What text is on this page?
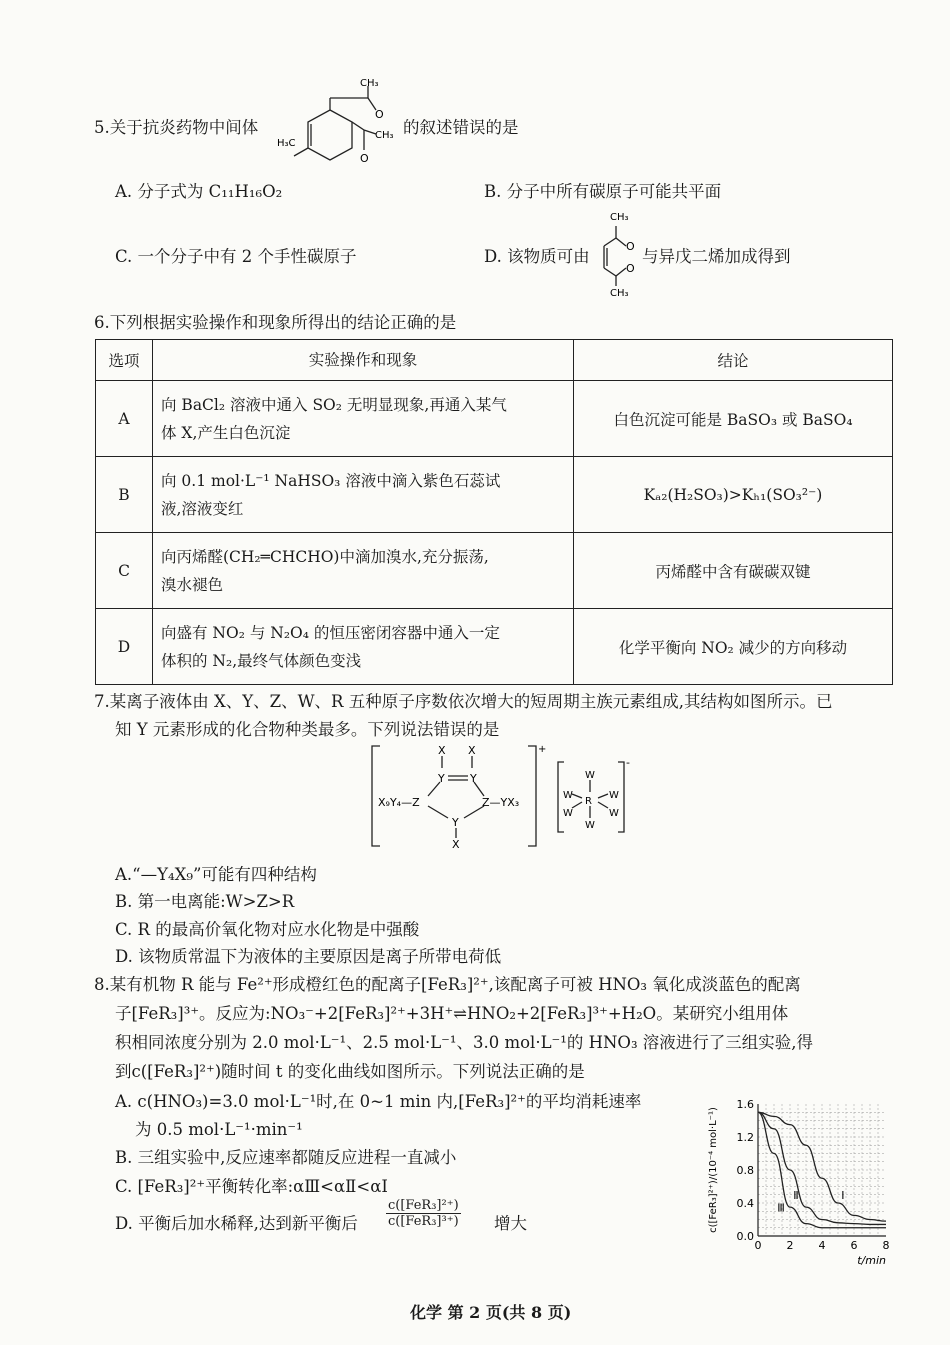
5.关于抗炎药物中间体
CH₃
O
CH₃
O
H₃C
的叙述错误的是
A. 分子式为 C₁₁H₁₆O₂	B. 分子中所有碳原子可能共平面
C. 一个分子中有 2 个手性碳原子	D. 该物质可由
CH₃
O
O
CH₃
与异戊二烯加成得到
6.下列根据实验操作和现象所得出的结论正确的是
选项	实验操作和现象	结论
A	向 BaCl₂ 溶液中通入 SO₂ 无明显现象,再通入某气
体 X,产生白色沉淀	白色沉淀可能是 BaSO₃ 或 BaSO₄
B	向 0.1 mol·L⁻¹ NaHSO₃ 溶液中滴入紫色石蕊试
液,溶液变红	Kₐ₂(H₂SO₃)>Kₕ₁(SO₃²⁻)
C	向丙烯醛(CH₂═CHCHO)中滴加溴水,充分振荡,
溴水褪色	丙烯醛中含有碳碳双键
D	向盛有 NO₂ 与 N₂O₄ 的恒压密闭容器中通入一定
体积的 N₂,最终气体颜色变浅	化学平衡向 NO₂ 减少的方向移动
7.某离子液体由 X、Y、Z、W、R 五种原子序数依次增大的短周期主族元素组成,其结构如图所示。已
知 Y 元素形成的化合物种类最多。下列说法错误的是
X X
Y Y
X₉Y₄—Z	Z—YX₃
Y
X
+
W
W
W	W
W	W
R
-
A.“—Y₄X₉”可能有四种结构
B. 第一电离能:W>Z>R
C. R 的最高价氧化物对应水化物是中强酸
D. 该物质常温下为液体的主要原因是离子所带电荷低
8.某有机物 R 能与 Fe²⁺形成橙红色的配离子[FeR₃]²⁺,该配离子可被 HNO₃ 氧化成淡蓝色的配离
子[FeR₃]³⁺。反应为:NO₃⁻+2[FeR₃]²⁺+3H⁺⇌HNO₂+2[FeR₃]³⁺+H₂O。某研究小组用体
积相同浓度分别为 2.0 mol·L⁻¹、2.5 mol·L⁻¹、3.0 mol·L⁻¹的 HNO₃ 溶液进行了三组实验,得
到c([FeR₃]²⁺)随时间 t 的变化曲线如图所示。下列说法正确的是
A. c(HNO₃)=3.0 mol·L⁻¹时,在 0~1 min 内,[FeR₃]²⁺的平均消耗速率
为 0.5 mol·L⁻¹·min⁻¹
B. 三组实验中,反应速率都随反应进程一直减小
C. [FeR₃]²⁺平衡转化率:αⅢ<αⅡ<αⅠ
D. 平衡后加水稀释,达到新平衡后
c([FeR₃]²⁺)
c([FeR₃]³⁺) 增大
0 2 4 6 8
0.0
0.4
0.8
1.2
1.6
t/min
c([FeR₃]²⁺)/(10⁻⁴ mol·L⁻¹)	Ⅰ
Ⅱ
Ⅲ
化学 第 2 页(共 8 页)
